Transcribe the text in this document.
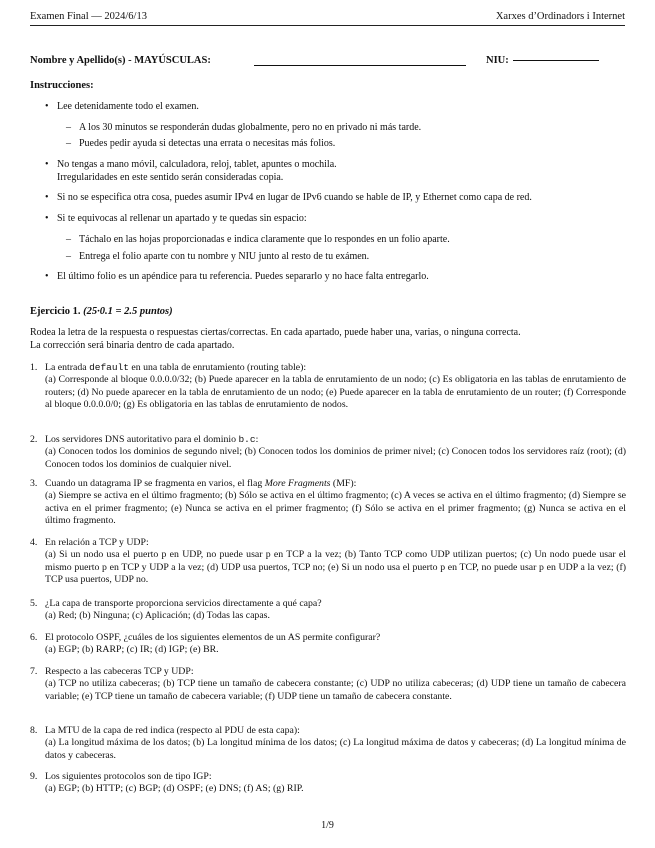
Examen Final — 2024/6/13	Xarxes d’Ordinadors i Internet
Nombre y Apellido(s) - MAYÚSCULAS:	NIU:
Instrucciones:
• Lee detenidamente todo el examen.
– A los 30 minutos se responderán dudas globalmente, pero no en privado ni más tarde.
– Puedes pedir ayuda si detectas una errata o necesitas más folios.
• No tengas a mano móvil, calculadora, reloj, tablet, apuntes o mochila.
Irregularidades en este sentido serán consideradas copia.
• Si no se especifica otra cosa, puedes asumir IPv4 en lugar de IPv6 cuando se hable de IP, y Ethernet como capa de red.
• Si te equivocas al rellenar un apartado y te quedas sin espacio:
– Táchalo en las hojas proporcionadas e indica claramente que lo respondes en un folio aparte.
– Entrega el folio aparte con tu nombre y NIU junto al resto de tu exámen.
• El último folio es un apéndice para tu referencia. Puedes separarlo y no hace falta entregarlo.
Ejercicio 1. (25·0.1 = 2.5 puntos)
Rodea la letra de la respuesta o respuestas ciertas/correctas. En cada apartado, puede haber una, varias, o ninguna correcta.
La corrección será binaria dentro de cada apartado.
1. La entrada default en una tabla de enrutamiento (routing table):
(a) Corresponde al bloque 0.0.0.0/32; (b) Puede aparecer en la tabla de enrutamiento de un nodo; (c) Es obligatoria en las tablas de enrutamiento de routers; (d) No puede aparecer en la tabla de enrutamiento de un nodo; (e) Puede aparecer en la tabla de enrutamiento de un router; (f) Corresponde al bloque 0.0.0.0/0; (g) Es obligatoria en las tablas de enrutamiento de nodos.
2. Los servidores DNS autoritativo para el dominio b.c:
(a) Conocen todos los dominios de segundo nivel; (b) Conocen todos los dominios de primer nivel; (c) Conocen todos los servidores raíz (root); (d) Conocen todos los dominios de cualquier nivel.
3. Cuando un datagrama IP se fragmenta en varios, el flag More Fragments (MF):
(a) Siempre se activa en el último fragmento; (b) Sólo se activa en el último fragmento; (c) A veces se activa en el último fragmento; (d) Siempre se activa en el primer fragmento; (e) Nunca se activa en el primer fragmento; (f) Sólo se activa en el primer fragmento; (g) Nunca se activa en el último fragmento.
4. En relación a TCP y UDP:
(a) Si un nodo usa el puerto p en UDP, no puede usar p en TCP a la vez; (b) Tanto TCP como UDP utilizan puertos; (c) Un nodo puede usar el mismo puerto p en TCP y UDP a la vez; (d) UDP usa puertos, TCP no; (e) Si un nodo usa el puerto p en TCP, no puede usar p en UDP a la vez; (f) TCP usa puertos, UDP no.
5. ¿La capa de transporte proporciona servicios directamente a qué capa?
(a) Red; (b) Ninguna; (c) Aplicación; (d) Todas las capas.
6. El protocolo OSPF, ¿cuáles de los siguientes elementos de un AS permite configurar?
(a) EGP; (b) RARP; (c) IR; (d) IGP; (e) BR.
7. Respecto a las cabeceras TCP y UDP:
(a) TCP no utiliza cabeceras; (b) TCP tiene un tamaño de cabecera constante; (c) UDP no utiliza cabeceras; (d) UDP tiene un tamaño de cabecera variable; (e) TCP tiene un tamaño de cabecera variable; (f) UDP tiene un tamaño de cabecera constante.
8. La MTU de la capa de red indica (respecto al PDU de esta capa):
(a) La longitud máxima de los datos; (b) La longitud mínima de los datos; (c) La longitud máxima de datos y cabeceras; (d) La longitud mínima de datos y cabeceras.
9. Los siguientes protocolos son de tipo IGP:
(a) EGP; (b) HTTP; (c) BGP; (d) OSPF; (e) DNS; (f) AS; (g) RIP.
1/9
